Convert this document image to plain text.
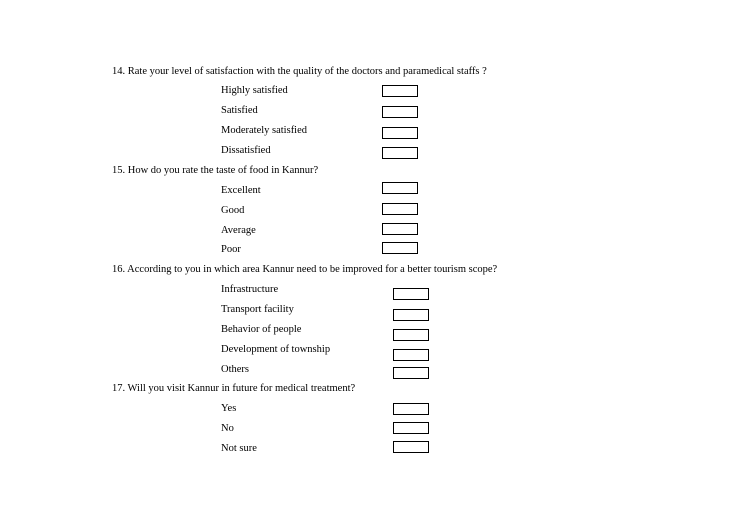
14. Rate your level of satisfaction with the quality of the doctors and paramedical staffs ?
Highly satisfied
Satisfied
Moderately satisfied
Dissatisfied
15. How do you rate the taste of food in Kannur?
Excellent
Good
Average
Poor
16. According to you in which area Kannur need to be improved for a better tourism scope?
Infrastructure
Transport facility
Behavior of people
Development of township
Others
17. Will you visit Kannur in future for medical treatment?
Yes
No
Not sure
